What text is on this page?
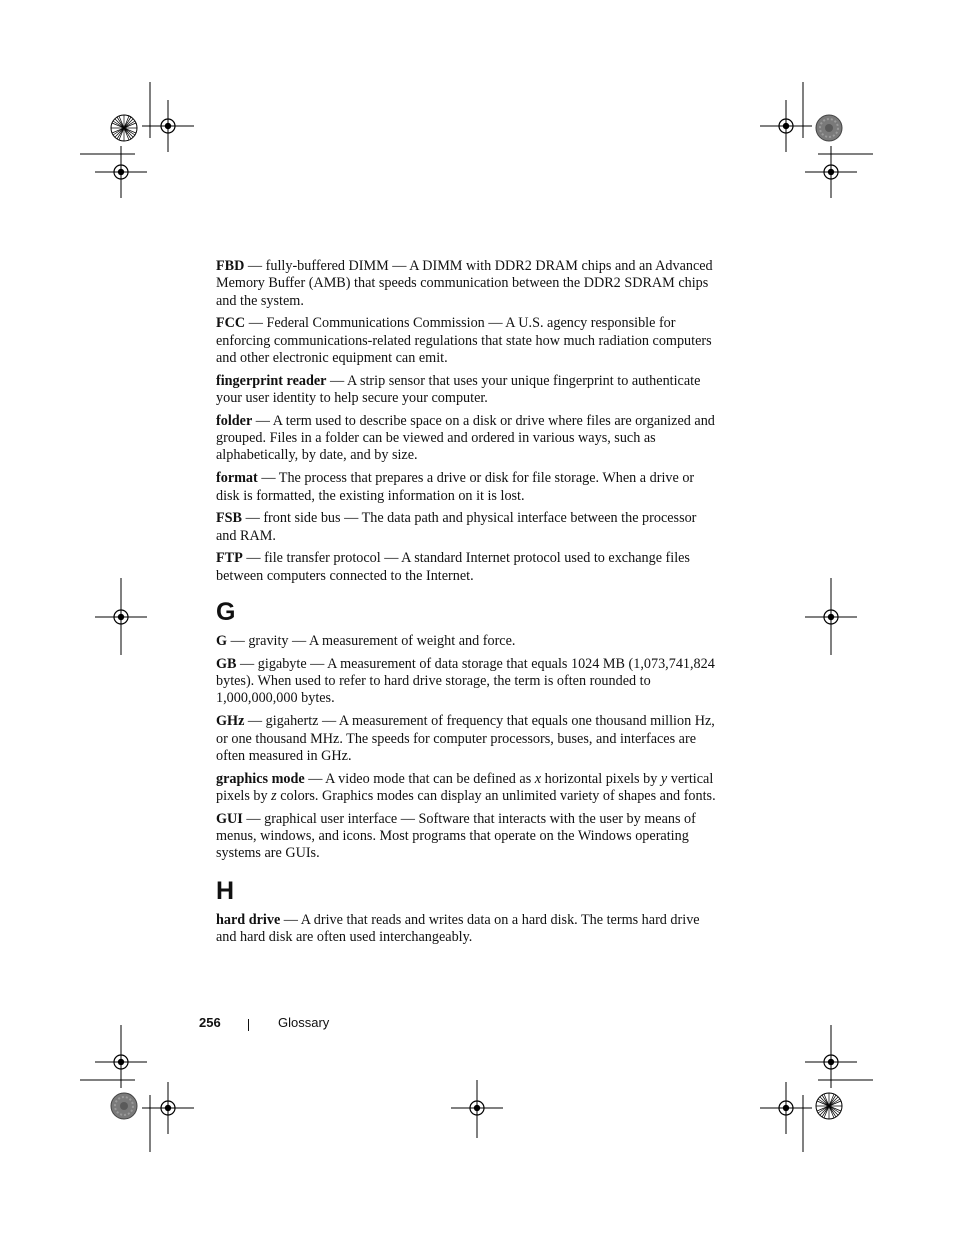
FBD — fully-buffered DIMM — A DIMM with DDR2 DRAM chips and an Advanced Memory Buffer (AMB) that speeds communication between the DDR2 SDRAM chips and the system.

FCC — Federal Communications Commission — A U.S. agency responsible for enforcing communications-related regulations that state how much radiation computers and other electronic equipment can emit.

fingerprint reader — A strip sensor that uses your unique fingerprint to authenticate your user identity to help secure your computer.

folder — A term used to describe space on a disk or drive where files are organized and grouped. Files in a folder can be viewed and ordered in various ways, such as alphabetically, by date, and by size.

format — The process that prepares a drive or disk for file storage. When a drive or disk is formatted, the existing information on it is lost.

FSB — front side bus — The data path and physical interface between the processor and RAM.

FTP — file transfer protocol — A standard Internet protocol used to exchange files between computers connected to the Internet.

G

G — gravity — A measurement of weight and force.

GB — gigabyte — A measurement of data storage that equals 1024 MB (1,073,741,824 bytes). When used to refer to hard drive storage, the term is often rounded to 1,000,000,000 bytes.

GHz — gigahertz — A measurement of frequency that equals one thousand million Hz, or one thousand MHz. The speeds for computer processors, buses, and interfaces are often measured in GHz.

graphics mode — A video mode that can be defined as x horizontal pixels by y vertical pixels by z colors. Graphics modes can display an unlimited variety of shapes and fonts.

GUI — graphical user interface — Software that interacts with the user by means of menus, windows, and icons. Most programs that operate on the Windows operating systems are GUIs.

H

hard drive — A drive that reads and writes data on a hard disk. The terms hard drive and hard disk are often used interchangeably.

256	Glossary
